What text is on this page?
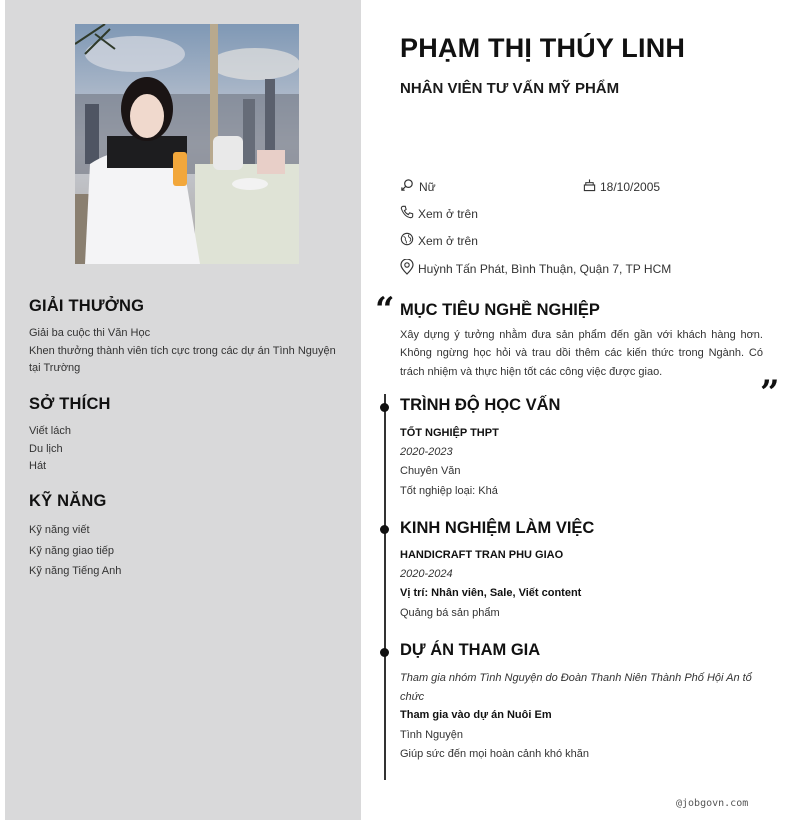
GIẢI THƯỞNG
Giải ba cuộc thi Văn Học
Khen thưởng thành viên tích cực trong các dự án Tình Nguyện tại Trường
SỞ THÍCH
Viết lách
Du lịch
Hát
KỸ NĂNG
Kỹ năng viết
Kỹ năng giao tiếp
Kỹ năng Tiếng Anh
PHẠM THỊ THÚY LINH
NHÂN VIÊN TƯ VẤN MỸ PHẨM
Nữ	18/10/2005
Xem ở trên
Xem ở trên
Huỳnh Tấn Phát, Bình Thuận, Quận 7, TP HCM
“ MỤC TIÊU NGHỀ NGHIỆP
Xây dựng ý tưởng nhằm đưa sản phẩm đến gần với khách hàng hơn. Không ngừng học hỏi và trau dồi thêm các kiến thức trong Ngành. Có trách nhiệm và thực hiện tốt các công việc được giao.
”
TRÌNH ĐỘ HỌC VẤN
TỐT NGHIỆP THPT
2020-2023
Chuyên Văn
Tốt nghiệp loại: Khá
KINH NGHIỆM LÀM VIỆC
HANDICRAFT TRAN PHU GIAO
2020-2024
Vị trí: Nhân viên, Sale, Viết content
Quảng bá sản phẩm
DỰ ÁN THAM GIA
Tham gia nhóm Tình Nguyện do Đoàn Thanh Niên Thành Phố Hội An tổ chức
Tham gia vào dự án Nuôi Em
Tình Nguyện
Giúp sức đến mọi hoàn cảnh khó khăn
@jobgovn.com
